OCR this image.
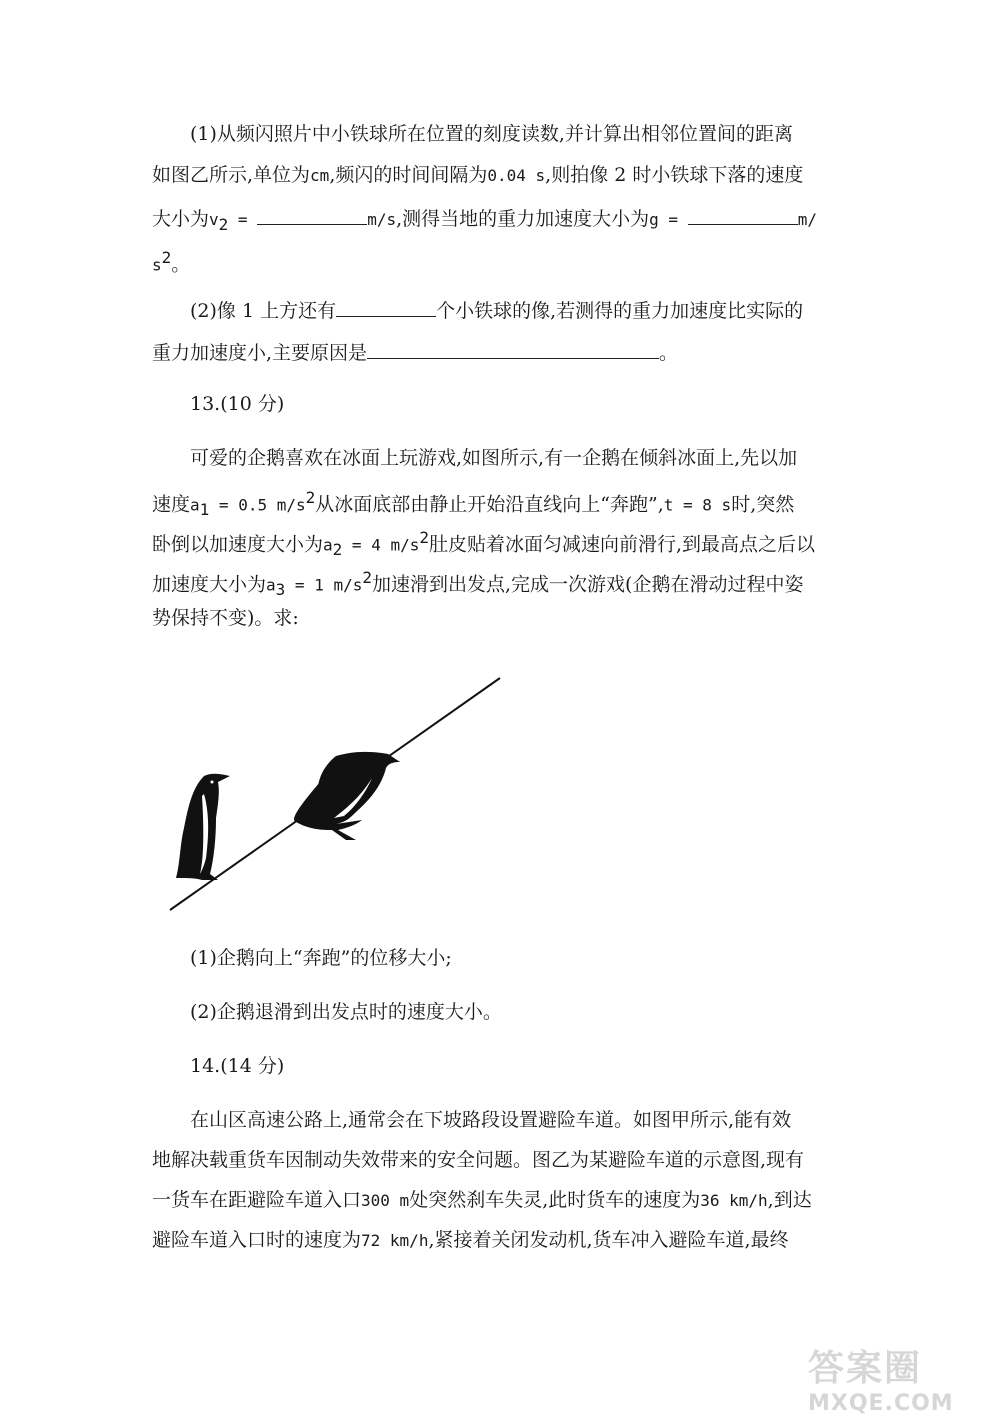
(1)从频闪照片中小铁球所在位置的刻度读数,并计算出相邻位置间的距离
如图乙所示,单位为cm,频闪的时间间隔为0.04 s,则拍像 2 时小铁球下落的速度
大小为$v_2$ =	m/s,测得当地的重力加速度大小为g =	m/
$s^2$。
(2)像 1 上方还有	个小铁球的像,若测得的重力加速度比实际的
重力加速度小,主要原因是	。
13.(10 分)
可爱的企鹅喜欢在冰面上玩游戏,如图所示,有一企鹅在倾斜冰面上,先以加
速度$a_1 = 0.5$ $m/s^2$从冰面底部由静止开始沿直线向上“奔跑”,t = 8 s时,突然
卧倒以加速度大小为$a_2 = 4$ $m/s^2$肚皮贴着冰面匀减速向前滑行,到最高点之后以
加速度大小为$a_3 = 1$ $m/s^2$加速滑到出发点,完成一次游戏(企鹅在滑动过程中姿
势保持不变)。求:
(1)企鹅向上“奔跑”的位移大小;
(2)企鹅退滑到出发点时的速度大小。
14.(14 分)
在山区高速公路上,通常会在下坡路段设置避险车道。如图甲所示,能有效
地解决载重货车因制动失效带来的安全问题。图乙为某避险车道的示意图,现有
一货车在距避险车道入口300 m处突然刹车失灵,此时货车的速度为36 km/h,到达
避险车道入口时的速度为72 km/h,紧接着关闭发动机,货车冲入避险车道,最终
答案圈
MXQE.COM
